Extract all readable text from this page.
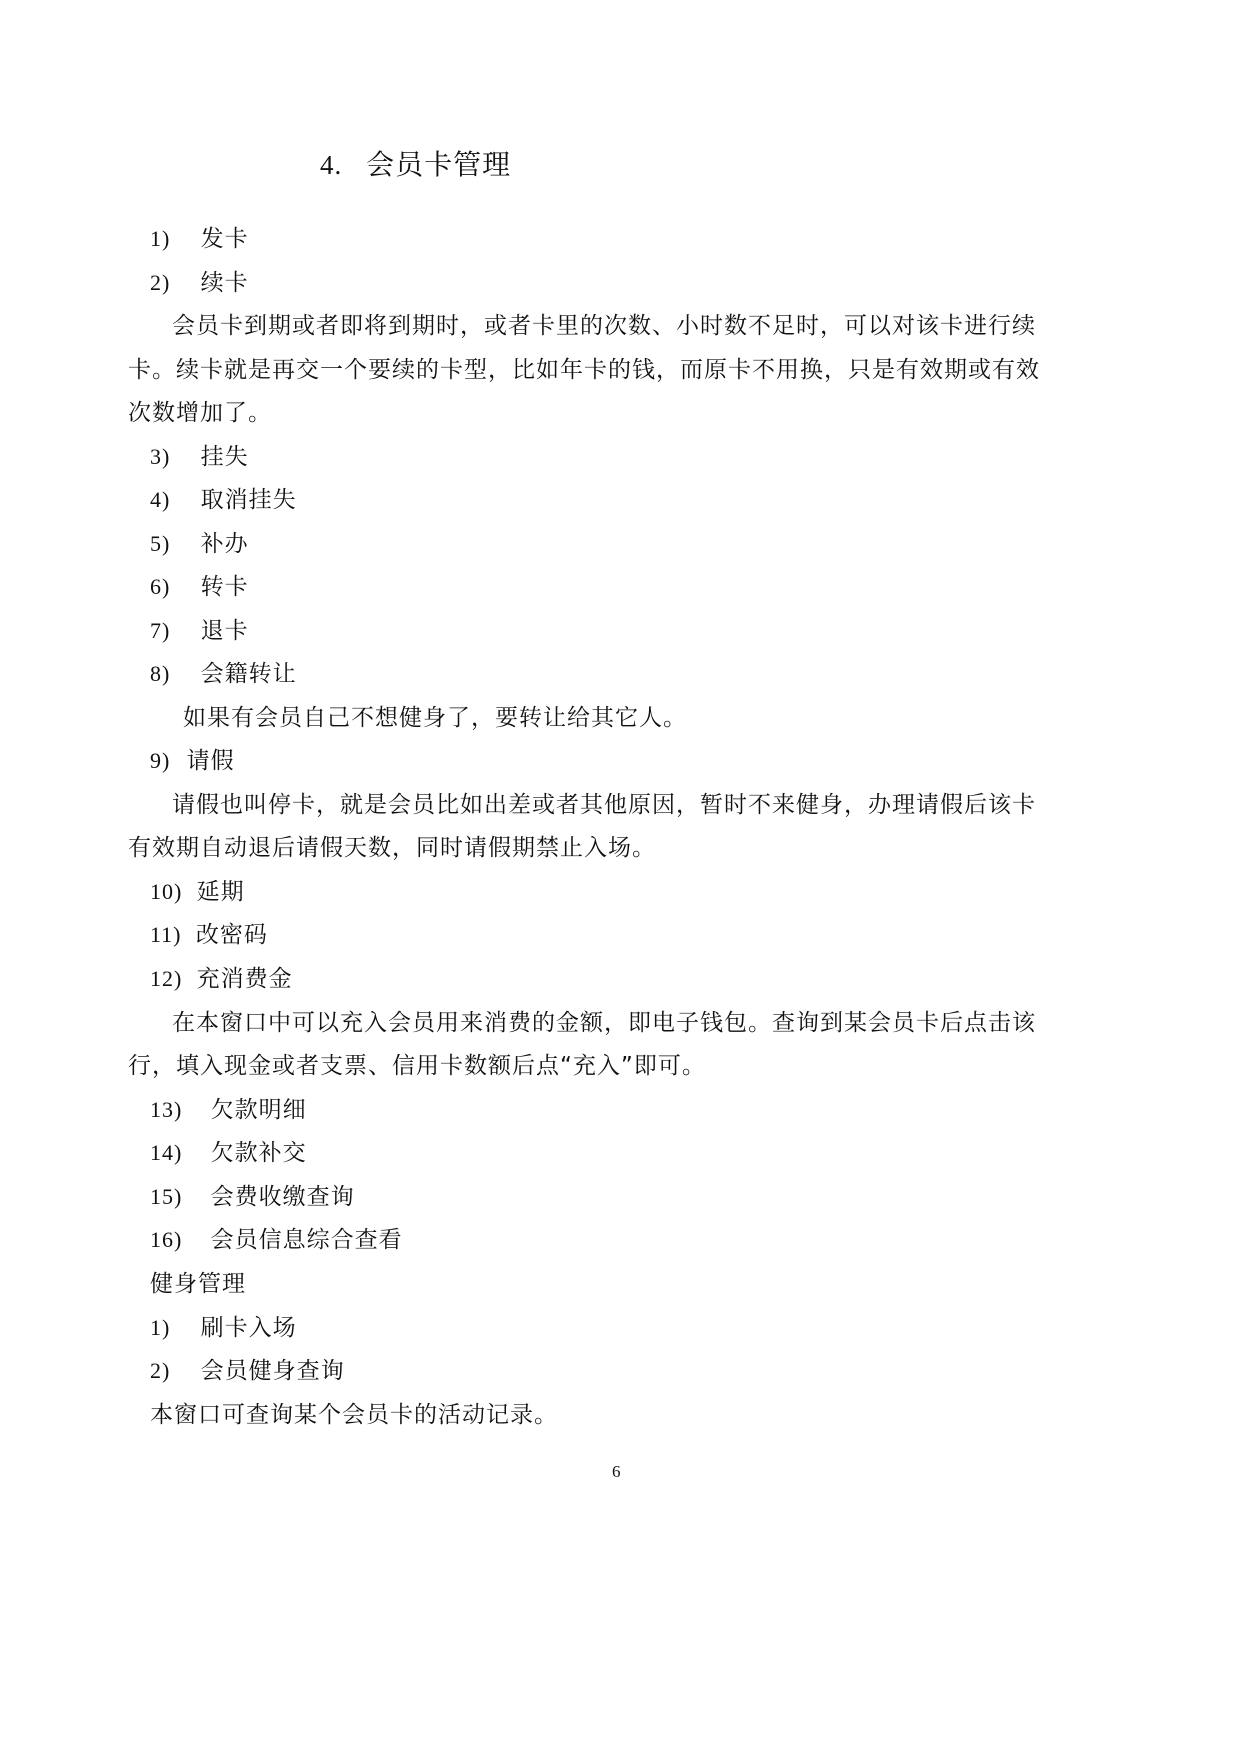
4. 会员卡管理
1) 发卡
2) 续卡
会员卡到期或者即将到期时，或者卡里的次数、小时数不足时，可以对该卡进行续
卡。续卡就是再交一个要续的卡型，比如年卡的钱，而原卡不用换，只是有效期或有效
次数增加了。
3) 挂失
4) 取消挂失
5) 补办
6) 转卡
7) 退卡
8) 会籍转让
如果有会员自己不想健身了，要转让给其它人。
9) 请假
请假也叫停卡，就是会员比如出差或者其他原因，暂时不来健身，办理请假后该卡
有效期自动退后请假天数，同时请假期禁止入场。
10) 延期
11) 改密码
12) 充消费金
在本窗口中可以充入会员用来消费的金额，即电子钱包。查询到某会员卡后点击该
行，填入现金或者支票、信用卡数额后点“充入”即可。
13) 欠款明细
14) 欠款补交
15) 会费收缴查询
16) 会员信息综合查看
健身管理
1) 刷卡入场
2) 会员健身查询
本窗口可查询某个会员卡的活动记录。
6
